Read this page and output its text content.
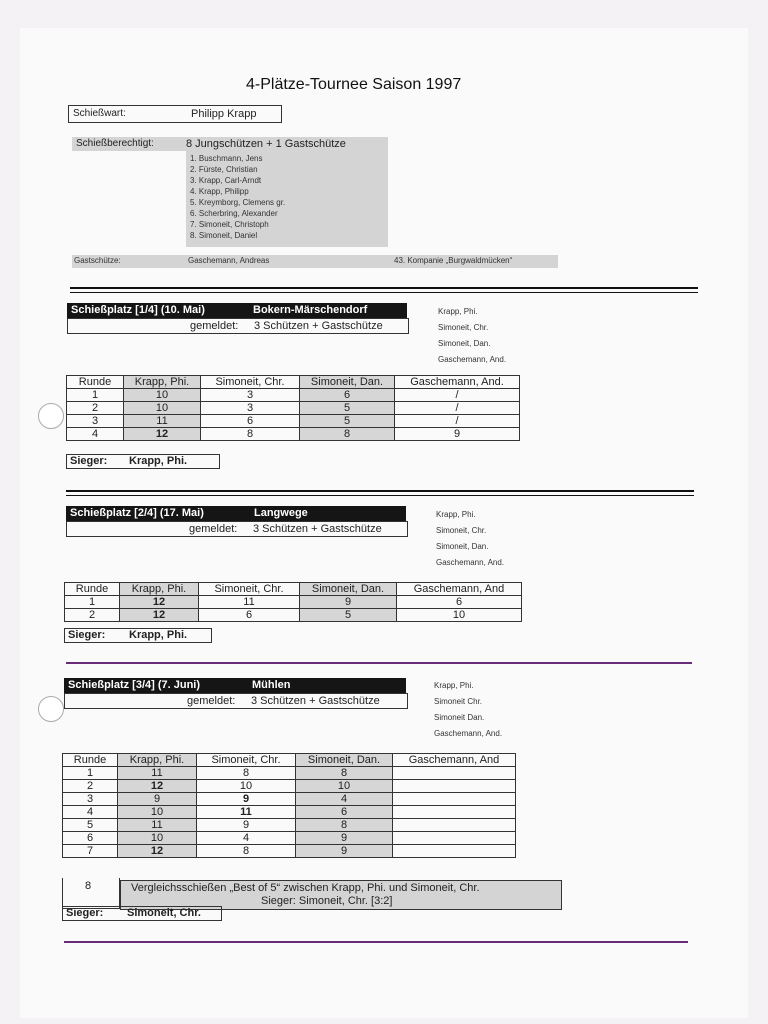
4-Plätze-Tournee Saison 1997
Schießwart:	Philipp Krapp
Schießberechtigt:	8 Jungschützen + 1 Gastschütze
1. Buschmann, Jens
2. Fürste, Christian
3. Krapp, Carl-Arndt
4. Krapp, Philipp
5. Kreymborg, Clemens gr.
6. Scherbring, Alexander
7. Simoneit, Christoph
8. Simoneit, Daniel
Gastschütze:	Gaschemann, Andreas	43. Kompanie „Burgwaldmücken“
Schießplatz [1/4] (10. Mai)	Bokern-Märschendorf
gemeldet: 3 Schützen + Gastschütze
Krapp, Phi.
Simoneit, Chr.
Simoneit, Dan.
Gaschemann, And.
Runde	Krapp, Phi.	Simoneit, Chr.	Simoneit, Dan.	Gaschemann, And.
1	10	3	6	/
2	10	3	5	/
3	11	6	5	/
4	12	8	8	9
Sieger: Krapp, Phi.
Schießplatz [2/4] (17. Mai)	Langwege
gemeldet: 3 Schützen + Gastschütze
Krapp, Phi.
Simoneit, Chr.
Simoneit, Dan.
Gaschemann, And.
Runde	Krapp, Phi.	Simoneit, Chr.	Simoneit, Dan.	Gaschemann, And
1	12	11	9	6
2	12	6	5	10
Sieger: Krapp, Phi.
Schießplatz [3/4] (7. Juni)	Mühlen
gemeldet: 3 Schützen + Gastschütze
Krapp, Phi.
Simoneit Chr.
Simoneit Dan.
Gaschemann, And.
Runde	Krapp, Phi.	Simoneit, Chr.	Simoneit, Dan.	Gaschemann, And
1	11	8	8	
2	12	10	10	
3	9	9	4	
4	10	11	6	
5	11	9	8	
6	10	4	9	
7	12	8	9	
8	Vergleichsschießen „Best of 5“ zwischen Krapp, Phi. und Simoneit, Chr.
Sieger: Simoneit, Chr. [3:2]
Sieger: Simoneit, Chr.
